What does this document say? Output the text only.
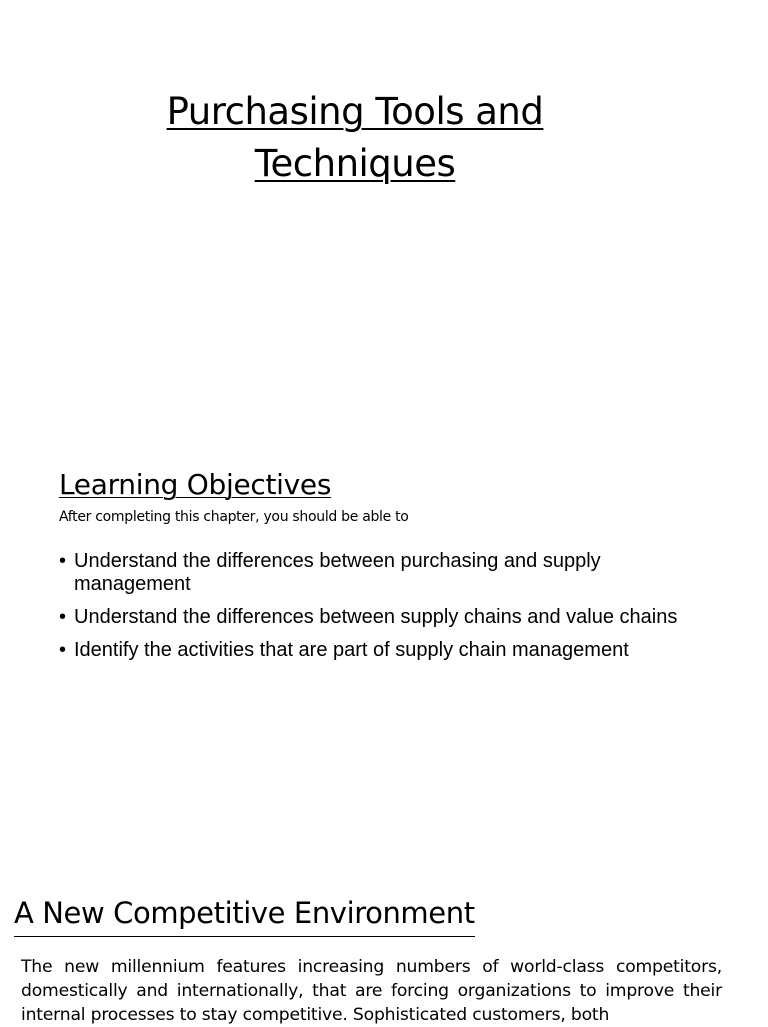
Purchasing Tools and
Techniques
Learning Objectives

After completing this chapter, you should be able to

• Understand the differences between purchasing and supply management
• Understand the differences between supply chains and value chains
• Identify the activities that are part of supply chain management
A New Competitive Environment

The new millennium features increasing numbers of world-class competitors, domestically and internationally, that are forcing organizations to improve their internal processes to stay competitive. Sophisticated customers, both
